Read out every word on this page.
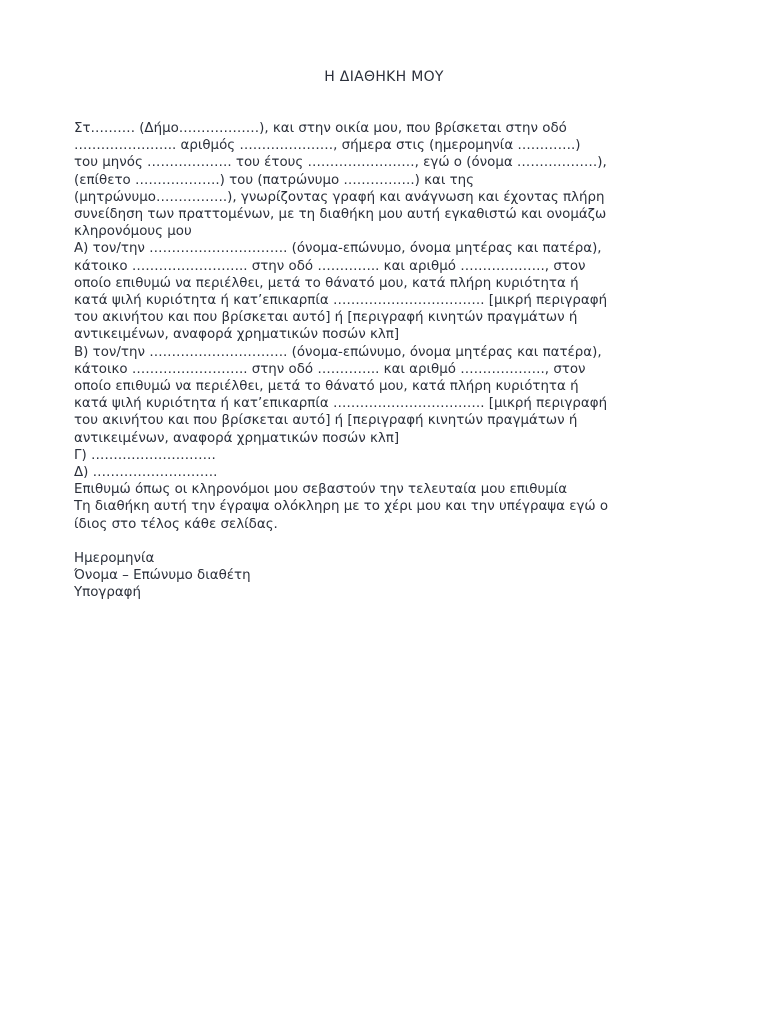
Η ΔΙΑΘΗΚΗ ΜΟΥ
Στ………. (Δήμο………………), και στην οικία μου, που βρίσκεται στην οδό
………………….. αριθμός …………………, σήμερα στις (ημερομηνία ………….)
του μηνός ………………. του έτους ……………………, εγώ ο (όνομα ………………),
(επίθετο ……………….) του (πατρώνυμο …………….) και της
(μητρώνυμο…………….), γνωρίζοντας γραφή και ανάγνωση και έχοντας πλήρη
συνείδηση των πραττομένων, με τη διαθήκη μου αυτή εγκαθιστώ και ονομάζω
κληρονόμους μου
Α) τον/την …………………………. (όνομα-επώνυμο, όνομα μητέρας και πατέρα),
κάτοικο …………………….. στην οδό ………….. και αριθμό ………………., στον
οποίο επιθυμώ να περιέλθει, μετά το θάνατό μου, κατά πλήρη κυριότητα ή
κατά ψιλή κυριότητα ή κατ’επικαρπία ……………………………. [μικρή περιγραφή
του ακινήτου και που βρίσκεται αυτό] ή [περιγραφή κινητών πραγμάτων ή
αντικειμένων, αναφορά χρηματικών ποσών κλπ]
Β) τον/την …………………………. (όνομα-επώνυμο, όνομα μητέρας και πατέρα),
κάτοικο …………………….. στην οδό ………….. και αριθμό ………………., στον
οποίο επιθυμώ να περιέλθει, μετά το θάνατό μου, κατά πλήρη κυριότητα ή
κατά ψιλή κυριότητα ή κατ’επικαρπία ……………………………. [μικρή περιγραφή
του ακινήτου και που βρίσκεται αυτό] ή [περιγραφή κινητών πραγμάτων ή
αντικειμένων, αναφορά χρηματικών ποσών κλπ]
Γ) ……………………….
Δ) ……………………….
Επιθυμώ όπως οι κληρονόμοι μου σεβαστούν την τελευταία μου επιθυμία
Τη διαθήκη αυτή την έγραψα ολόκληρη με το χέρι μου και την υπέγραψα εγώ ο
ίδιος στο τέλος κάθε σελίδας.
Ημερομηνία
Όνομα – Επώνυμο διαθέτη
Υπογραφή
